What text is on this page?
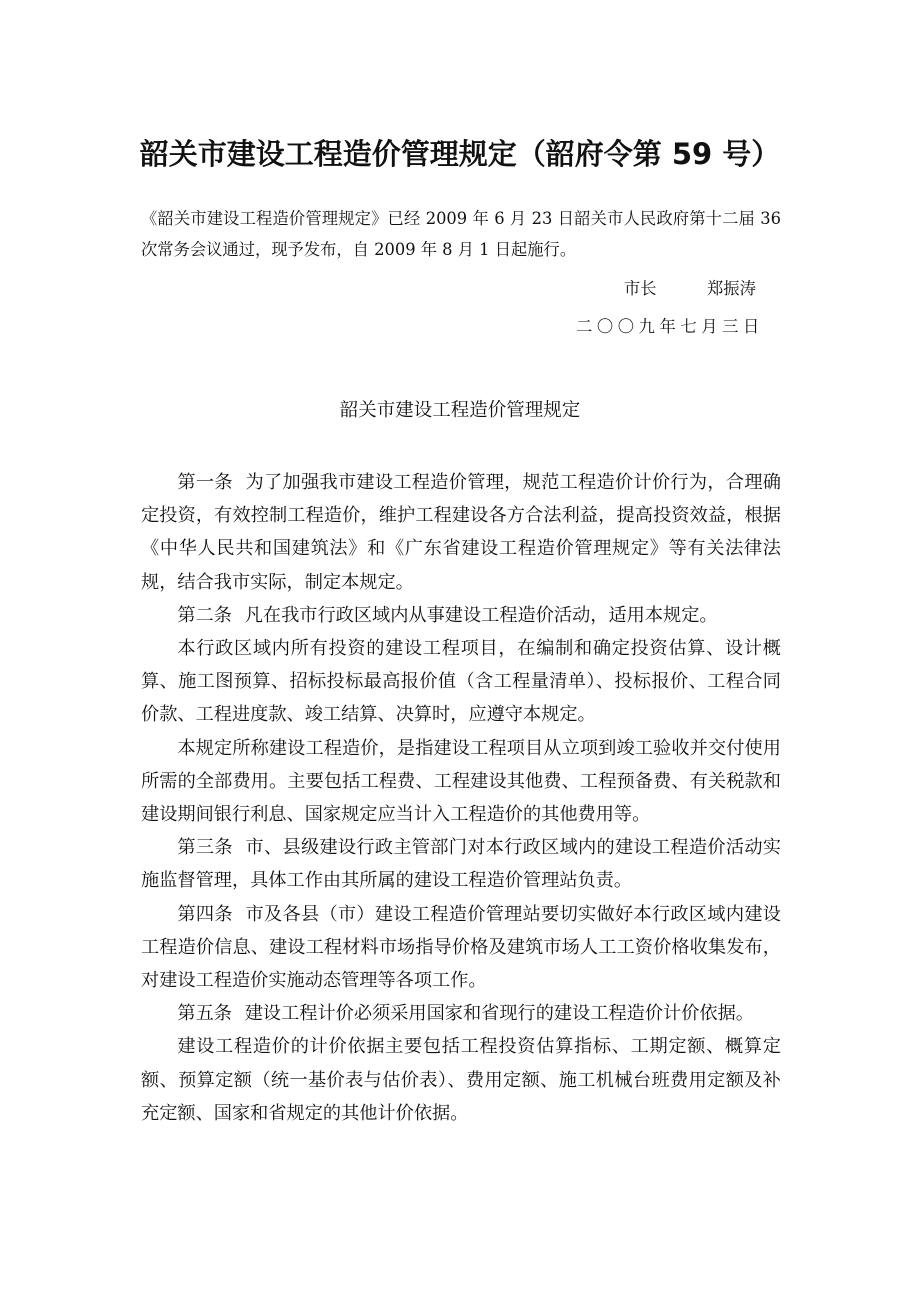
韶关市建设工程造价管理规定（韶府令第 59 号）

《韶关市建设工程造价管理规定》已经 2009 年 6 月 23 日韶关市人民政府第十二届 36 次常务会议通过，现予发布，自 2009 年 8 月 1 日起施行。

市长	郑振涛
二〇〇九年七月三日
韶关市建设工程造价管理规定

第一条 为了加强我市建设工程造价管理，规范工程造价计价行为，合理确定投资，有效控制工程造价，维护工程建设各方合法利益，提高投资效益，根据《中华人民共和国建筑法》和《广东省建设工程造价管理规定》等有关法律法规，结合我市实际，制定本规定。

第二条 凡在我市行政区域内从事建设工程造价活动，适用本规定。

本行政区域内所有投资的建设工程项目，在编制和确定投资估算、设计概算、施工图预算、招标投标最高报价值（含工程量清单）、投标报价、工程合同价款、工程进度款、竣工结算、决算时，应遵守本规定。

本规定所称建设工程造价，是指建设工程项目从立项到竣工验收并交付使用所需的全部费用。主要包括工程费、工程建设其他费、工程预备费、有关税款和建设期间银行利息、国家规定应当计入工程造价的其他费用等。

第三条 市、县级建设行政主管部门对本行政区域内的建设工程造价活动实施监督管理，具体工作由其所属的建设工程造价管理站负责。

第四条 市及各县（市）建设工程造价管理站要切实做好本行政区域内建设工程造价信息、建设工程材料市场指导价格及建筑市场人工工资价格收集发布，对建设工程造价实施动态管理等各项工作。

第五条 建设工程计价必须采用国家和省现行的建设工程造价计价依据。

建设工程造价的计价依据主要包括工程投资估算指标、工期定额、概算定额、预算定额（统一基价表与估价表）、费用定额、施工机械台班费用定额及补充定额、国家和省规定的其他计价依据。
